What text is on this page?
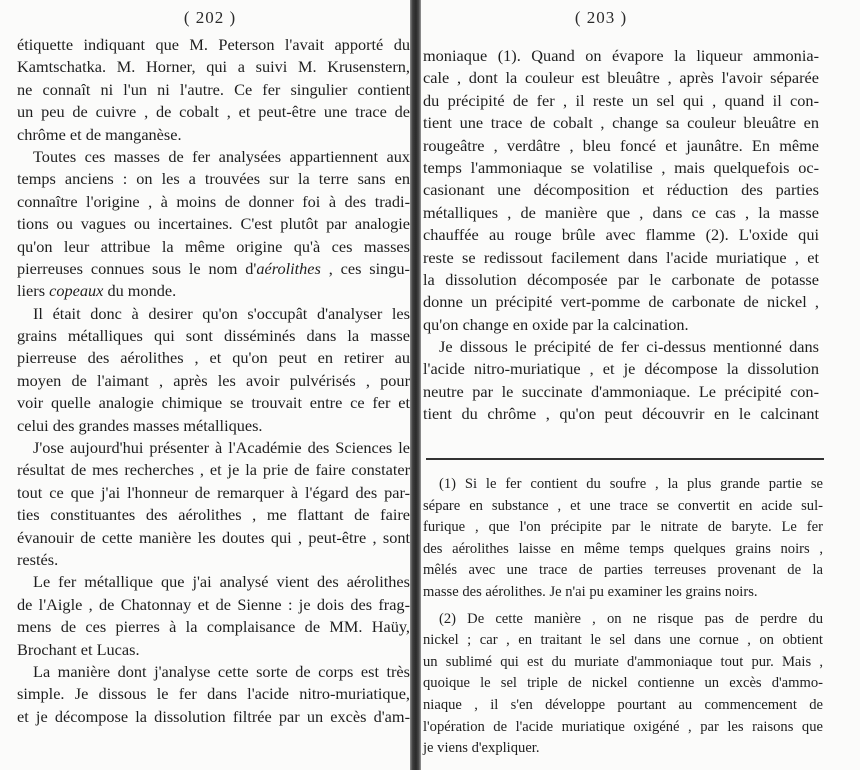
( 202 )
étiquette indiquant que M. Peterson l'avait apporté du
Kamtschatka. M. Horner, qui a suivi M. Krusenstern,
ne connaît ni l'un ni l'autre. Ce fer singulier contient
un peu de cuivre , de cobalt , et peut-être une trace de
chrôme et de manganèse.
Toutes ces masses de fer analysées appartiennent aux
temps anciens : on les a trouvées sur la terre sans en
connaître l'origine , à moins de donner foi à des tradi-
tions ou vagues ou incertaines. C'est plutôt par analogie
qu'on leur attribue la même origine qu'à ces masses
pierreuses connues sous le nom d'aérolithes , ces singu-
liers copeaux du monde.
Il était donc à desirer qu'on s'occupât d'analyser les
grains métalliques qui sont disséminés dans la masse
pierreuse des aérolithes , et qu'on peut en retirer au
moyen de l'aimant , après les avoir pulvérisés , pour
voir quelle analogie chimique se trouvait entre ce fer et
celui des grandes masses métalliques.
J'ose aujourd'hui présenter à l'Académie des Sciences le
résultat de mes recherches , et je la prie de faire constater
tout ce que j'ai l'honneur de remarquer à l'égard des par-
ties constituantes des aérolithes , me flattant de faire
évanouir de cette manière les doutes qui , peut-être , sont
restés.
Le fer métallique que j'ai analysé vient des aérolithes
de l'Aigle , de Chatonnay et de Sienne : je dois des frag-
mens de ces pierres à la complaisance de MM. Haüy,
Brochant et Lucas.
La manière dont j'analyse cette sorte de corps est très
simple. Je dissous le fer dans l'acide nitro-muriatique,
et je décompose la dissolution filtrée par un excès d'am-
( 203 )
moniaque (1). Quand on évapore la liqueur ammonia-
cale , dont la couleur est bleuâtre , après l'avoir séparée
du précipité de fer , il reste un sel qui , quand il con-
tient une trace de cobalt , change sa couleur bleuâtre en
rougeâtre , verdâtre , bleu foncé et jaunâtre. En même
temps l'ammoniaque se volatilise , mais quelquefois oc-
casionant une décomposition et réduction des parties
métalliques , de manière que , dans ce cas , la masse
chauffée au rouge brûle avec flamme (2). L'oxide qui
reste se redissout facilement dans l'acide muriatique , et
la dissolution décomposée par le carbonate de potasse
donne un précipité vert-pomme de carbonate de nickel ,
qu'on change en oxide par la calcination.
Je dissous le précipité de fer ci-dessus mentionné dans
l'acide nitro-muriatique , et je décompose la dissolution
neutre par le succinate d'ammoniaque. Le précipité con-
tient du chrôme , qu'on peut découvrir en le calcinant
(1) Si le fer contient du soufre , la plus grande partie se
sépare en substance , et une trace se convertit en acide sul-
furique , que l'on précipite par le nitrate de baryte. Le fer
des aérolithes laisse en même temps quelques grains noirs ,
mêlés avec une trace de parties terreuses provenant de la
masse des aérolithes. Je n'ai pu examiner les grains noirs.
(2) De cette manière , on ne risque pas de perdre du
nickel ; car , en traitant le sel dans une cornue , on obtient
un sublimé qui est du muriate d'ammoniaque tout pur. Mais ,
quoique le sel triple de nickel contienne un excès d'ammo-
niaque , il s'en développe pourtant au commencement de
l'opération de l'acide muriatique oxigéné , par les raisons que
je viens d'expliquer.
